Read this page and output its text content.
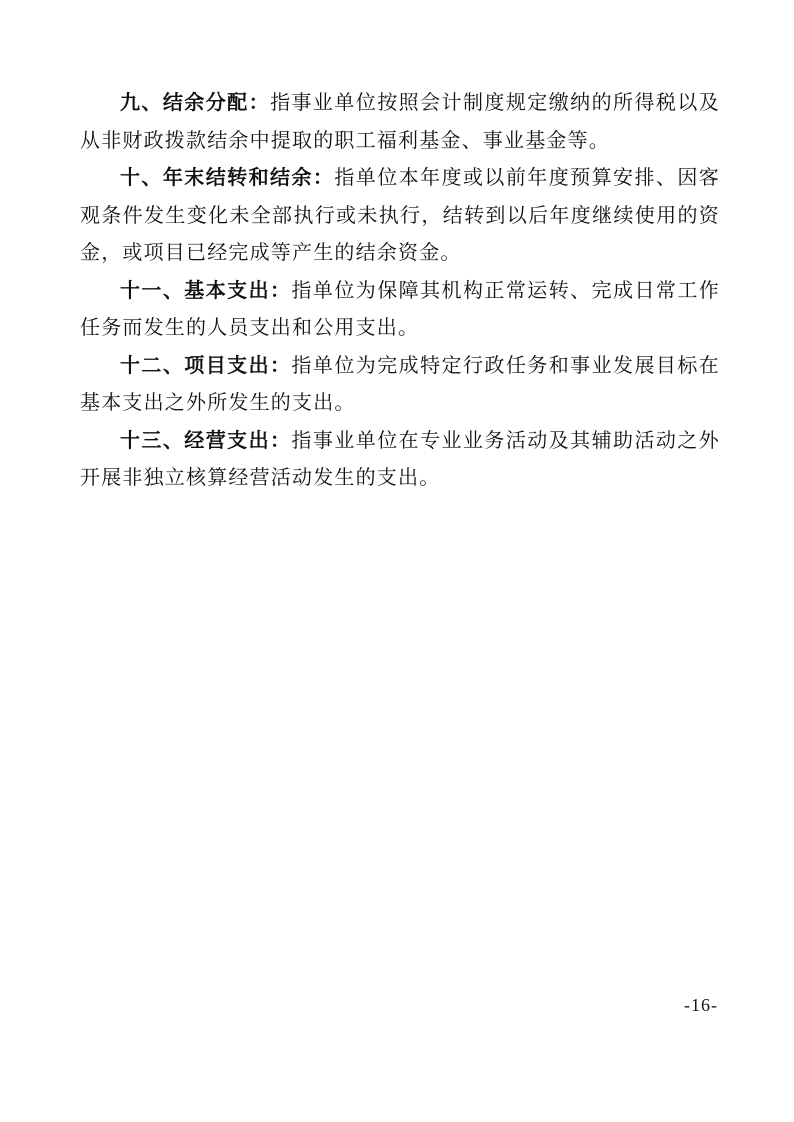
九、结余分配：指事业单位按照会计制度规定缴纳的所得税以及从非财政拨款结余中提取的职工福利基金、事业基金等。

十、年末结转和结余：指单位本年度或以前年度预算安排、因客观条件发生变化未全部执行或未执行，结转到以后年度继续使用的资金，或项目已经完成等产生的结余资金。

十一、基本支出：指单位为保障其机构正常运转、完成日常工作任务而发生的人员支出和公用支出。

十二、项目支出：指单位为完成特定行政任务和事业发展目标在基本支出之外所发生的支出。

十三、经营支出：指事业单位在专业业务活动及其辅助活动之外开展非独立核算经营活动发生的支出。

-16-
